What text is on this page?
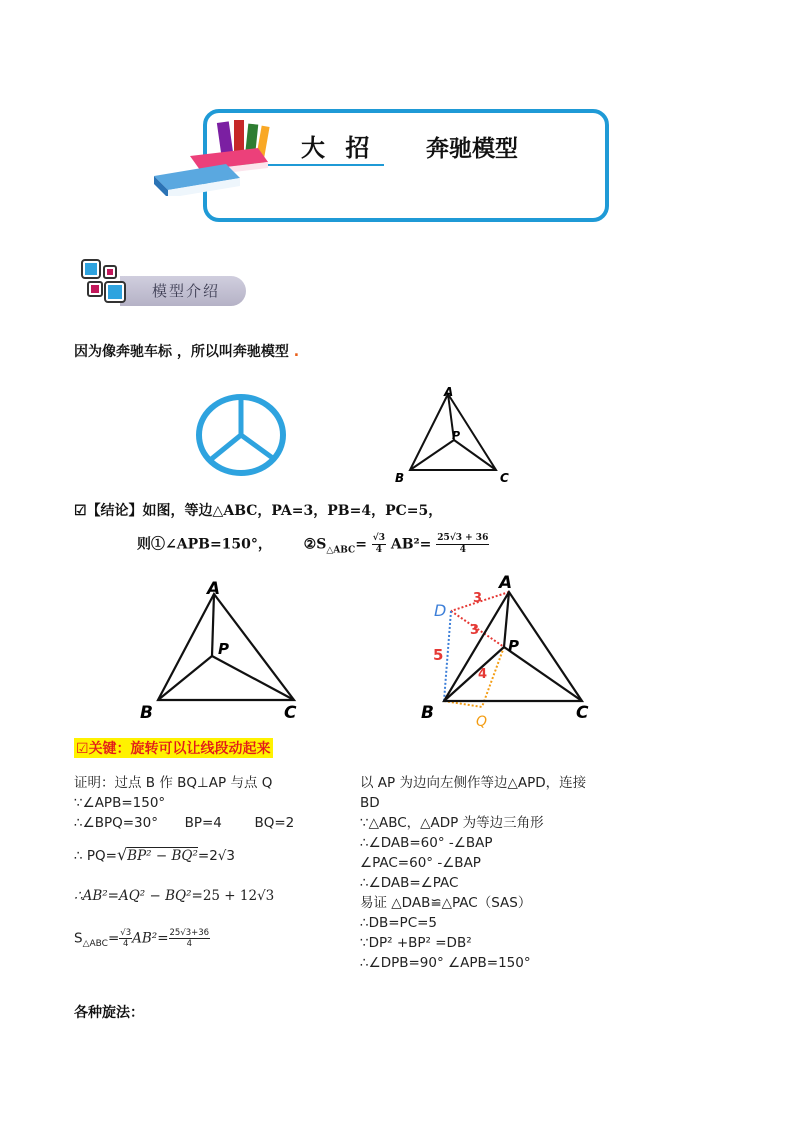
大 招 奔驰模型
模型介绍
因为像奔驰车标 ，所以叫奔驰模型 .
A
B	C
P
☑【结论】如图，等边△ABC，PA=3，PB=4，PC=5，
则①∠APB=150°， $②S_{\triangle ABC}= \frac{√3}{4} AB^2= \frac{25√3 + 36}{4}$
A
B	C
P
A
B	C
P
D
Q
3
3
5
4
☑关键：旋转可以让线段动起来
证明：过点 B 作 BQ⊥AP 与点 Q
∵∠APB=150°
∴∠BPQ=30° BP=4 BQ=2
∴ PQ=√BP² − BQ²=2√3
∴AB²=AQ² − BQ²=25 + 12√3
$S_{\triangle ABC}= \frac{√3}{4}AB^2= \frac{25√3+36}{4}$
以 AP 为边向左侧作等边△APD，连接
BD
∵△ABC，△ADP 为等边三角形
∴∠DAB=60° -∠BAP
∠PAC=60° -∠BAP
∴∠DAB=∠PAC
易证 △DAB≌△PAC（SAS）
∴DB=PC=5
∵DP² +BP² =DB²
∴∠DPB=90° ∠APB=150°
各种旋法：
